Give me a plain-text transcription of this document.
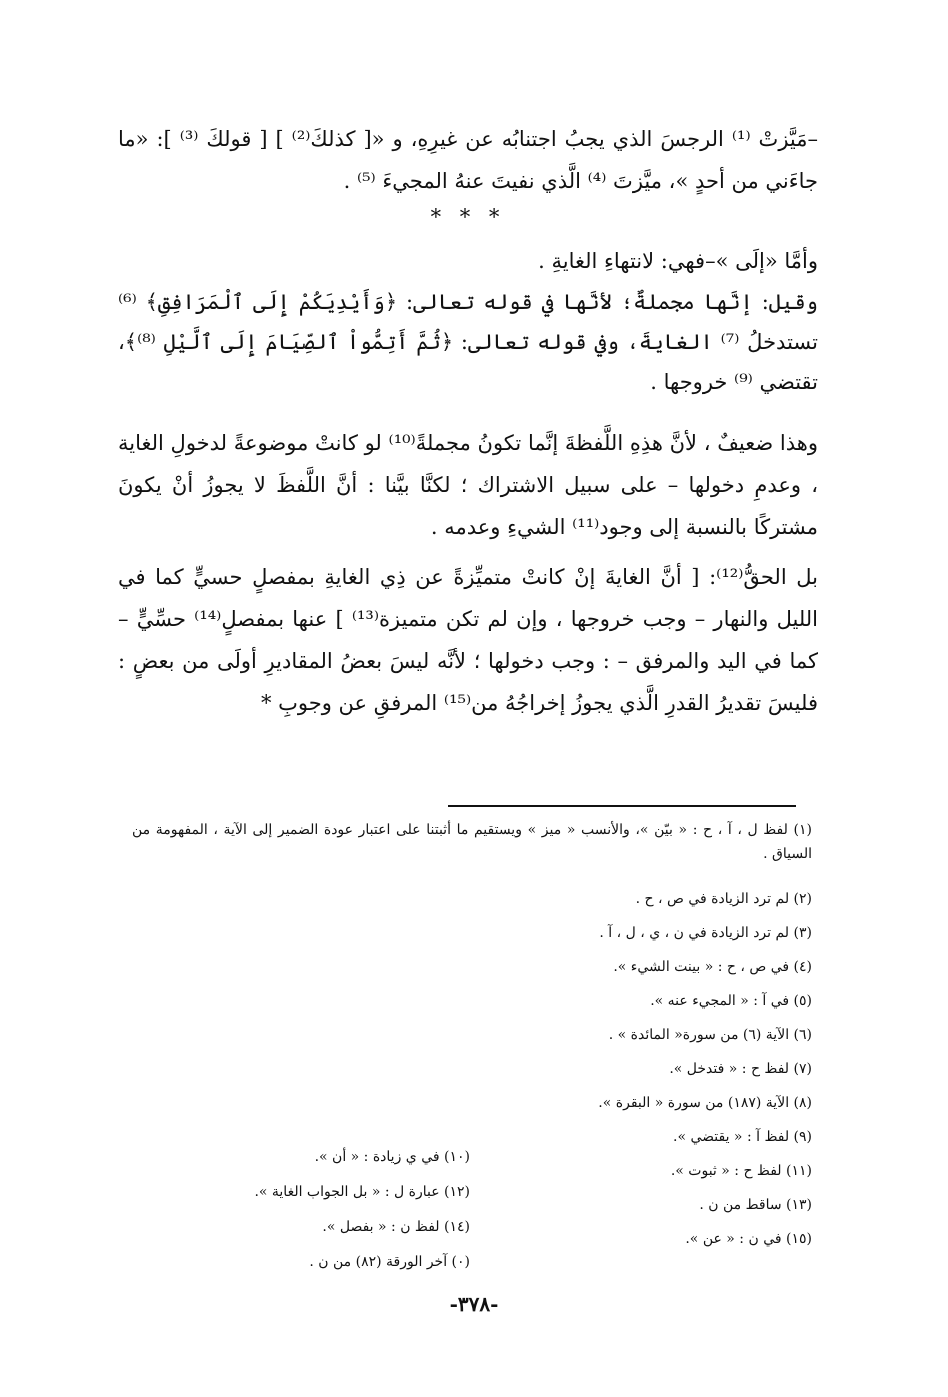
–مَيَّزتْ ⁽¹⁾ الرجسَ الذي يجبُ اجتنابُه عن غيرِهِ، و «[ كذلكَ⁽²⁾ ] [ قولكَ ⁽³⁾ ]: «ما جاءَني من أحدٍ »، ميَّزتَ ⁽⁴⁾ الَّذي نفيتَ عنهُ المجيءَ ⁽⁵⁾ .

* * *

وأمَّا «إلَى »–فهي: لانتهاءِ الغايةِ .

وقيل: إنَّها مجملةٌ؛ لأنَّها في قوله تعالى: ﴿وَأَيْدِيَكُمْ إِلَى ٱلْمَرَافِقِ﴾ ⁽⁶⁾ تستدخلُ ⁽⁷⁾ الغايةَ، وفي قوله تعالى: ﴿ثُمَّ أَتِمُّواْ ٱلصِّيَامَ إِلَى ٱلَّيْلِ ⁽⁸⁾﴾، تقتضي ⁽⁹⁾ خروجها .

وهذا ضعيفٌ ، لأنَّ هذِهِ اللَّفظةَ إنَّما تكونُ مجملةً⁽¹⁰⁾ لو كانتْ موضوعةً لدخولِ الغاية ، وعدمِ دخولها – على سبيل الاشتراك ؛ لكنَّا بيَّنا : أنَّ اللَّفظَ لا يجوزُ أنْ يكونَ مشتركًا بالنسبة إلى وجود⁽¹¹⁾ الشيءِ وعدمه .

بل الحقُّ⁽¹²⁾: [ أنَّ الغايةَ إنْ كانتْ متميِّزةً عن ذِي الغايةِ بمفصلٍ حسيٍّ كما في الليل والنهار – وجب خروجها ، وإن لم تكن متميزة⁽¹³⁾ ] عنها بمفصلٍ⁽¹⁴⁾ حسِّيٍّ – كما في اليد والمرفق – : وجب دخولها ؛ لأنَّه ليسَ بعضُ المقاديرِ أولَى من بعضٍ : فليسَ تقديرُ القدرِ الَّذي يجوزُ إخراجُهُ من⁽¹⁵⁾ المرفقِ عن وجوبِ *

(١) لفظ ل ، آ ، ح : « بيّن »، والأنسب « ميز » ويستقيم ما أثبتنا على اعتبار عودة الضمير إلى الآية ، المفهومة من السياق .
(٢) لم ترد الزيادة في ص ، ح .
(٣) لم ترد الزيادة في ن ، ي ، ل ، آ .
(٤) في ص ، ح : « بينت الشيء ».
(٥) في آ : « المجيء عنه ».
(٦) الآية (٦) من سورة« المائدة » .
(٧) لفظ ح : « فتدخل ».
(٨) الآية (١٨٧) من سورة « البقرة ».
(٩) لفظ آ : « يقتضي ».
(١١) لفظ ح : « ثبوت ».
(١٣) ساقط من ن .
(١٥) في ن : « عن ».
(١٠) في ي زيادة : « أن ».
(١٢) عبارة ل : « بل الجواب الغاية ».
(١٤) لفظ ن : « بفصل ».
(٠) آخر الورقة (٨٢) من ن .
-٣٧٨-
